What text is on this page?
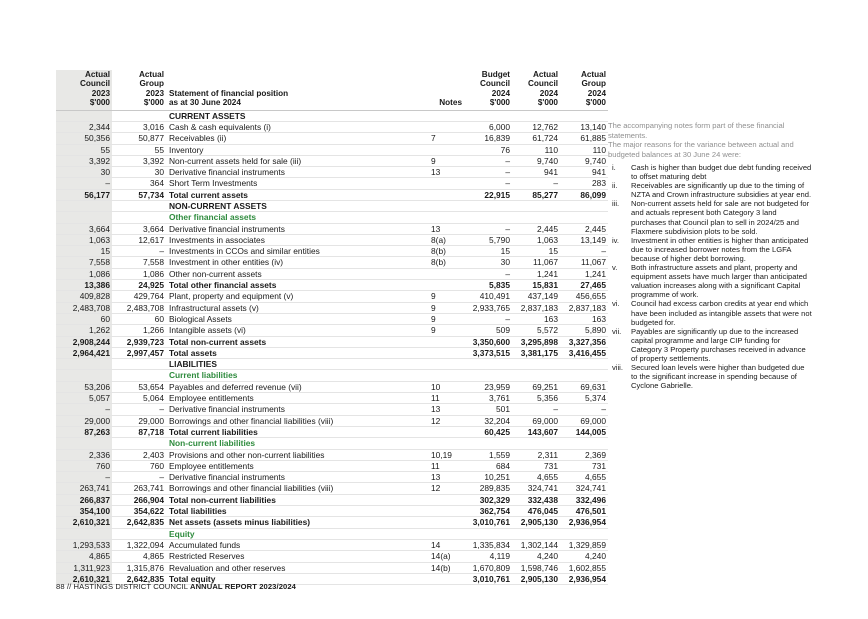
Actual
Council
2023
$'000	Actual
Group
2023
$'000	Statement of financial position
as at 30 June 2024	Notes	Budget
Council
2024
$'000	Actual
Council
2024
$'000	Actual
Group
2024
$'000
		CURRENT ASSETS				
2,344	3,016	Cash & cash equivalents (i)		6,000	12,762	13,140
50,356	50,877	Receivables (ii)	7	16,839	61,724	61,885
55	55	Inventory		76	110	110
3,392	3,392	Non-current assets held for sale (iii)	9	–	9,740	9,740
30	30	Derivative financial instruments	13	–	941	941
–	364	Short Term Investments		–	–	283
56,177	57,734	Total current assets		22,915	85,277	86,099
		NON-CURRENT ASSETS				
		Other financial assets				
3,664	3,664	Derivative financial instruments	13	–	2,445	2,445
1,063	12,617	Investments in associates	8(a)	5,790	1,063	13,149
15	–	Investments in CCOs and similar entities	8(b)	15	15	–
7,558	7,558	Investment in other entities (iv)	8(b)	30	11,067	11,067
1,086	1,086	Other non-current assets		–	1,241	1,241
13,386	24,925	Total other financial assets		5,835	15,831	27,465
409,828	429,764	Plant, property and equipment (v)	9	410,491	437,149	456,655
2,483,708	2,483,708	Infrastructural assets (v)	9	2,933,765	2,837,183	2,837,183
60	60	Biological Assets	9	–	163	163
1,262	1,266	Intangible assets (vi)	9	509	5,572	5,890
2,908,244	2,939,723	Total non-current assets		3,350,600	3,295,898	3,327,356
2,964,421	2,997,457	Total assets		3,373,515	3,381,175	3,416,455
		LIABILITIES				
		Current liabilities				
53,206	53,654	Payables and deferred revenue (vii)	10	23,959	69,251	69,631
5,057	5,064	Employee entitlements	11	3,761	5,356	5,374
–	–	Derivative financial instruments	13	501	–	–
29,000	29,000	Borrowings and other financial liabilities (viii)	12	32,204	69,000	69,000
87,263	87,718	Total current liabilities		60,425	143,607	144,005
		Non-current liabilities				
2,336	2,403	Provisions and other non-current liabilities	10,19	1,559	2,311	2,369
760	760	Employee entitlements	11	684	731	731
–	–	Derivative financial instruments	13	10,251	4,655	4,655
263,741	263,741	Borrowings and other financial liabilities (viii)	12	289,835	324,741	324,741
266,837	266,904	Total non-current liabilities		302,329	332,438	332,496
354,100	354,622	Total liabilities		362,754	476,045	476,501
2,610,321	2,642,835	Net assets (assets minus liabilities)		3,010,761	2,905,130	2,936,954
		Equity				
1,293,533	1,322,094	Accumulated funds	14	1,335,834	1,302,144	1,329,859
4,865	4,865	Restricted Reserves	14(a)	4,119	4,240	4,240
1,311,923	1,315,876	Revaluation and other reserves	14(b)	1,670,809	1,598,746	1,602,855
2,610,321	2,642,835	Total equity		3,010,761	2,905,130	2,936,954
The accompanying notes form part of these financial statements.
The major reasons for the variance between actual and budgeted balances at 30 June 24 were:
i.	Cash is higher than budget due debt funding received to offset maturing debt
ii.	Receivables are significantly up due to the timing of NZTA and Crown infrastructure subsidies at year end.
iii.	Non-current assets held for sale are not budgeted for and actuals represent both Category 3 land purchases that Council plan to sell in 2024/25 and Flaxmere subdivision plots to be sold.
iv.	Investment in other entities is higher than anticipated due to increased borrower notes from the LGFA because of higher debt borrowing.
v.	Both infrastructure assets and plant, property and equipment assets have much larger than anticipated valuation increases along with a significant Capital programme of work.
vi.	Council had excess carbon credits at year end which have been included as intangible assets that were not budgeted for.
vii.	Payables are significantly up due to the increased capital programme and large CIP funding for Category 3 Property purchases received in advance of property settlements.
viii.	Secured loan levels were higher than budgeted due to the significant increase in spending because of Cyclone Gabrielle.
88 // HASTINGS DISTRICT COUNCIL ANNUAL REPORT 2023/2024
